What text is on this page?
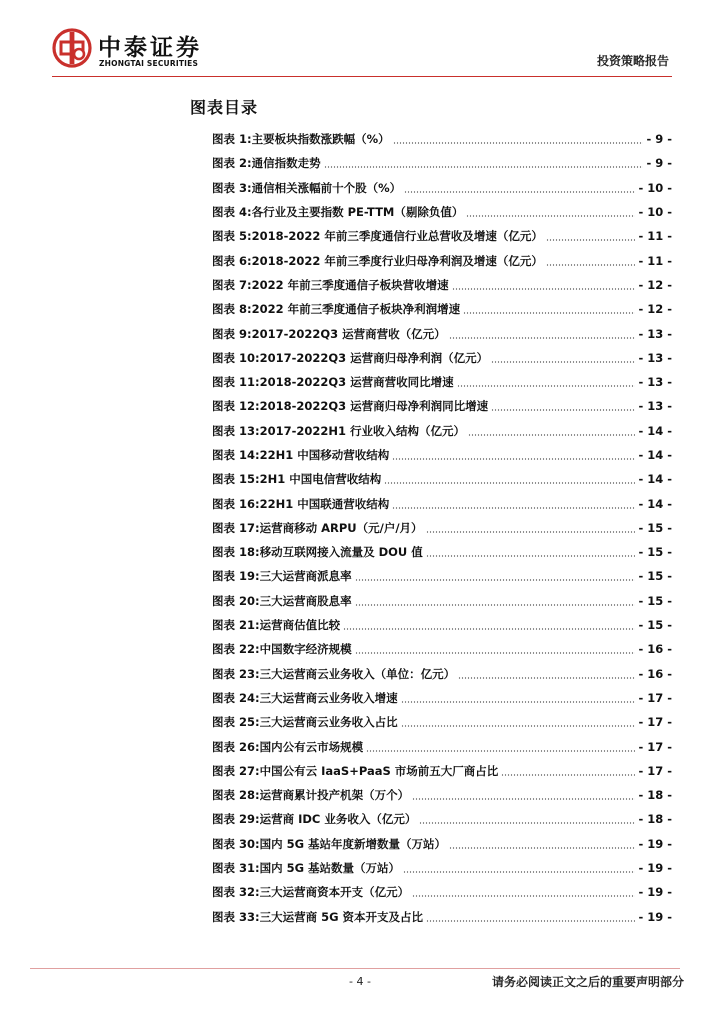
中泰证券
ZHONGTAI SECURITIES	投资策略报告
图表目录
图表 1: 主要板块指数涨跌幅（%）	- 9 -
图表 2: 通信指数走势	- 9 -
图表 3: 通信相关涨幅前十个股（%）	- 10 -
图表 4: 各行业及主要指数 PE-TTM（剔除负值）	- 10 -
图表 5: 2018-2022 年前三季度通信行业总营收及增速（亿元）	- 11 -
图表 6: 2018-2022 年前三季度行业归母净利润及增速（亿元）	- 11 -
图表 7: 2022 年前三季度通信子板块营收增速	- 12 -
图表 8: 2022 年前三季度通信子板块净利润增速	- 12 -
图表 9: 2017-2022Q3 运营商营收（亿元）	- 13 -
图表 10: 2017-2022Q3 运营商归母净利润（亿元）	- 13 -
图表 11: 2018-2022Q3 运营商营收同比增速	- 13 -
图表 12: 2018-2022Q3 运营商归母净利润同比增速	- 13 -
图表 13: 2017-2022H1 行业收入结构（亿元）	- 14 -
图表 14: 22H1 中国移动营收结构	- 14 -
图表 15: 2H1 中国电信营收结构	- 14 -
图表 16: 22H1 中国联通营收结构	- 14 -
图表 17: 运营商移动 ARPU（元/户/月）	- 15 -
图表 18: 移动互联网接入流量及 DOU 值	- 15 -
图表 19: 三大运营商派息率	- 15 -
图表 20: 三大运营商股息率	- 15 -
图表 21: 运营商估值比较	- 15 -
图表 22: 中国数字经济规模	- 16 -
图表 23: 三大运营商云业务收入（单位：亿元）	- 16 -
图表 24: 三大运营商云业务收入增速	- 17 -
图表 25: 三大运营商云业务收入占比	- 17 -
图表 26: 国内公有云市场规模	- 17 -
图表 27: 中国公有云 IaaS+PaaS 市场前五大厂商占比	- 17 -
图表 28: 运营商累计投产机架（万个）	- 18 -
图表 29: 运营商 IDC 业务收入（亿元）	- 18 -
图表 30: 国内 5G 基站年度新增数量（万站）	- 19 -
图表 31: 国内 5G 基站数量（万站）	- 19 -
图表 32: 三大运营商资本开支（亿元）	- 19 -
图表 33: 三大运营商 5G 资本开支及占比	- 19 -
- 4 -	请务必阅读正文之后的重要声明部分
